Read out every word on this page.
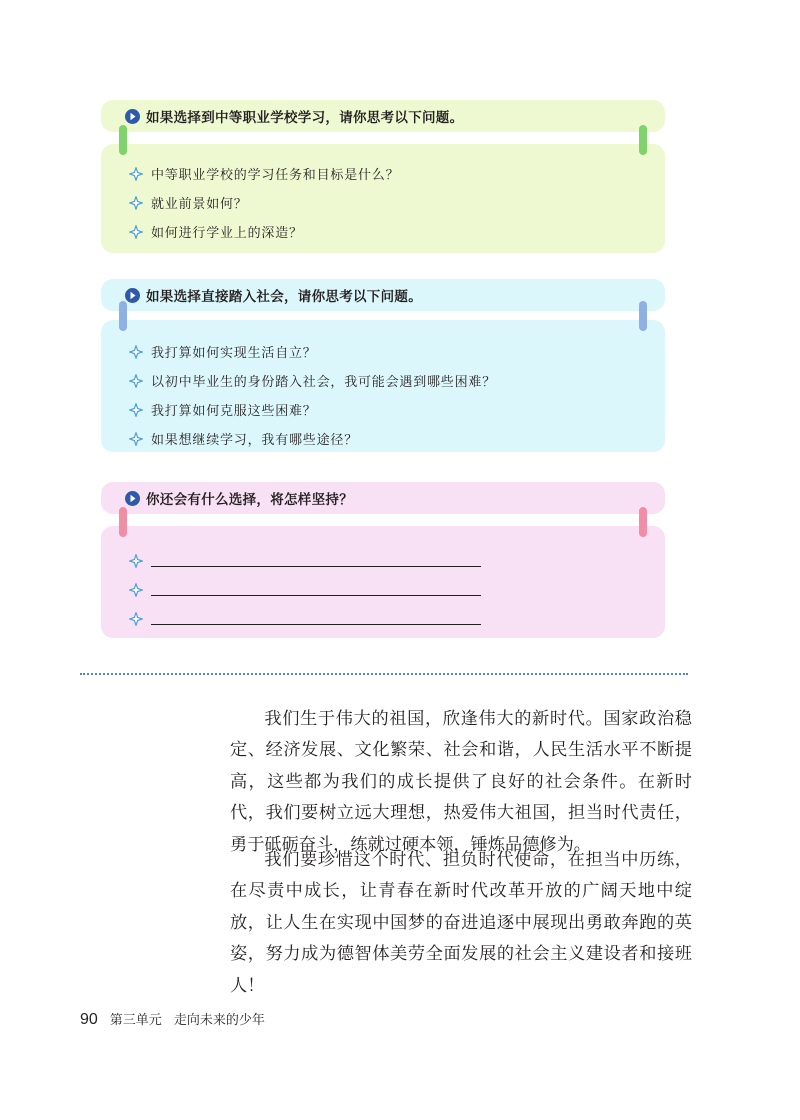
如果选择到中等职业学校学习，请你思考以下问题。
中等职业学校的学习任务和目标是什么？
就业前景如何？
如何进行学业上的深造？
如果选择直接踏入社会，请你思考以下问题。
我打算如何实现生活自立？
以初中毕业生的身份踏入社会，我可能会遇到哪些困难？
我打算如何克服这些困难？
如果想继续学习，我有哪些途径？
你还会有什么选择，将怎样坚持？

我们生于伟大的祖国，欣逢伟大的新时代。国家政治稳定、经济发展、文化繁荣、社会和谐，人民生活水平不断提高，这些都为我们的成长提供了良好的社会条件。在新时代，我们要树立远大理想，热爱伟大祖国，担当时代责任，勇于砥砺奋斗，练就过硬本领，锤炼品德修为。

我们要珍惜这个时代、担负时代使命，在担当中历练，在尽责中成长，让青春在新时代改革开放的广阔天地中绽放，让人生在实现中国梦的奋进追逐中展现出勇敢奔跑的英姿，努力成为德智体美劳全面发展的社会主义建设者和接班人！

90 第三单元 走向未来的少年
